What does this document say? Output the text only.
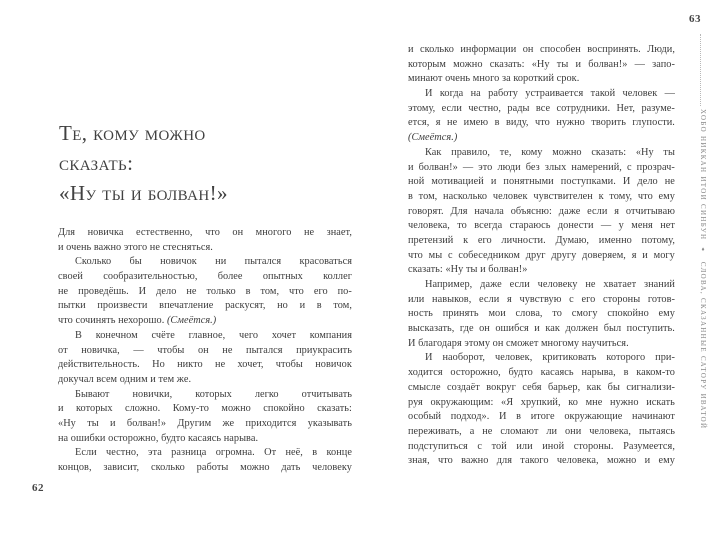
Те, кому можно
сказать:
«Ну ты и болван!»
Для новичка естественно, что он многого не знает,
и очень важно этого не стесняться.
Сколько бы новичок ни пытался красоваться
своей сообразительностью, более опытных коллег
не проведёшь. И дело не только в том, что его по-
пытки произвести впечатление раскусят, но и в том,
что сочинять нехорошо. (Смеётся.)
В конечном счёте главное, чего хочет компания
от новичка, — чтобы он не пытался приукрасить
действительность. Но никто не хочет, чтобы новичок
докучал всем одним и тем же.
Бывают новички, которых легко отчитывать
и которых сложно. Кому-то можно спокойно сказать:
«Ну ты и болван!» Другим же приходится указывать
на ошибки осторожно, будто касаясь нарыва.
Если честно, эта разница огромна. От неё, в конце
концов, зависит, сколько работы можно дать человеку
62
и сколько информации он способен воспринять. Люди,
которым можно сказать: «Ну ты и болван!» — запо-
минают очень много за короткий срок.
И когда на работу устраивается такой человек —
этому, если честно, рады все сотрудники. Нет, разуме-
ется, я не имею в виду, что нужно творить глупости.
(Смеётся.)
Как правило, те, кому можно сказать: «Ну ты
и болван!» — это люди без злых намерений, с прозрач-
ной мотивацией и понятными поступками. И дело не
в том, насколько человек чувствителен к тому, что ему
говорят. Для начала объясню: даже если я отчитываю
человека, то всегда стараюсь донести — у меня нет
претензий к его личности. Думаю, именно потому,
что мы с собеседником друг другу доверяем, я и могу
сказать: «Ну ты и болван!»
Например, даже если человеку не хватает знаний
или навыков, если я чувствую с его стороны готов-
ность принять мои слова, то смогу спокойно ему
высказать, где он ошибся и как должен был поступить.
И благодаря этому он сможет многому научиться.
И наоборот, человек, критиковать которого при-
ходится осторожно, будто касаясь нарыва, в каком-то
смысле создаёт вокруг себя барьер, как бы сигнализи-
руя окружающим: «Я хрупкий, ко мне нужно искать
особый подход». И в итоге окружающие начинают
переживать, а не сломают ли они человека, пытаясь
подступиться с той или иной стороны. Разумеется,
зная, что важно для такого человека, можно и ему
63
ХОБО НИККАН ИТОИ СИНБУН ♦ СЛОВА, СКАЗАННЫЕ САТОРУ ИВАТОЙ
